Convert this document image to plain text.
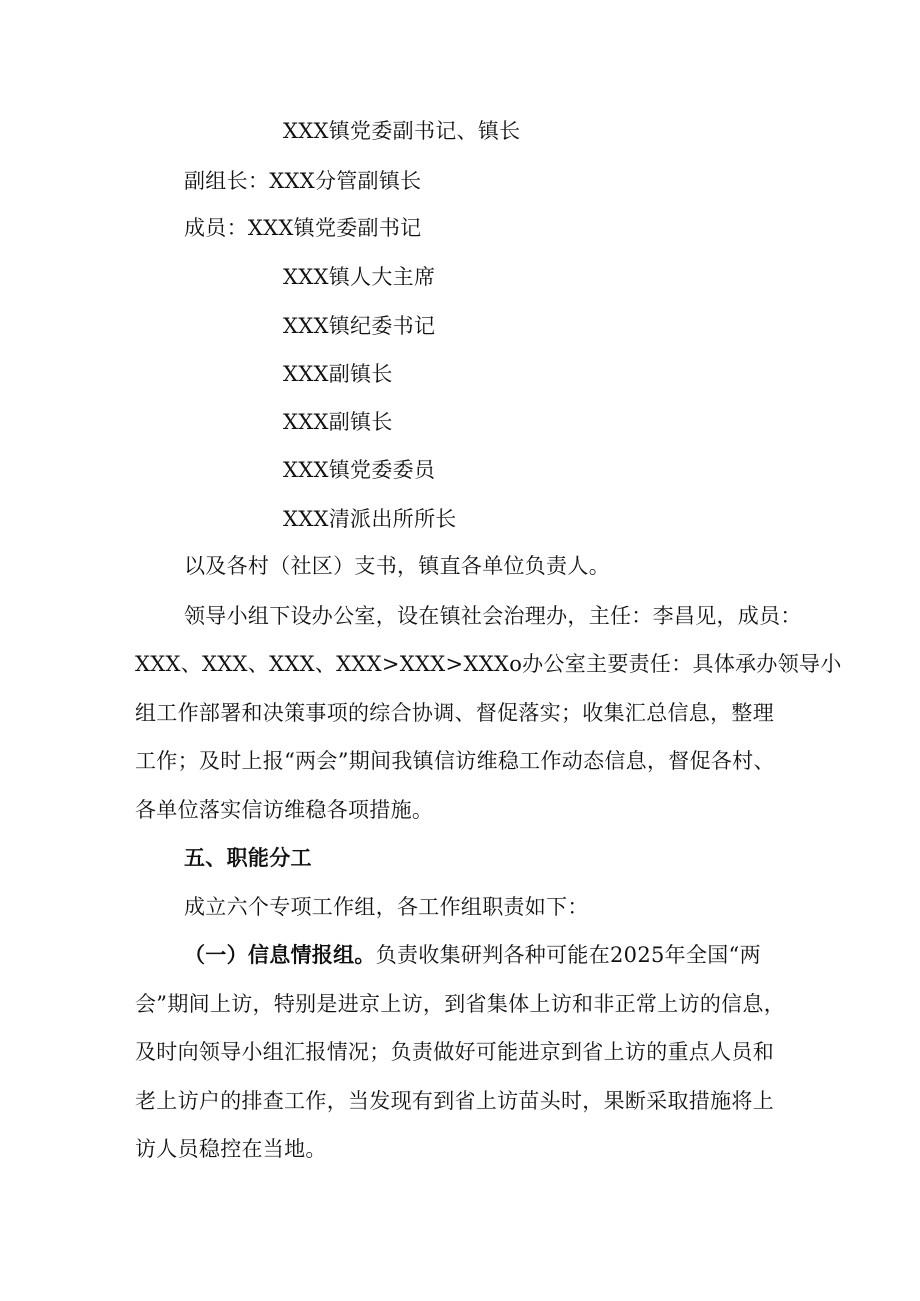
XXX镇党委副书记、镇长
副组长：XXX分管副镇长
成员：XXX镇党委副书记
XXX镇人大主席
XXX镇纪委书记
XXX副镇长
XXX副镇长
XXX镇党委委员
XXX清派出所所长
以及各村（社区）支书，镇直各单位负责人。
领导小组下设办公室，设在镇社会治理办，主任：李昌见，成员：
XXX、XXX、XXX、XXX>XXX>XXXo办公室主要责任：具体承办领导小
组工作部署和决策事项的综合协调、督促落实；收集汇总信息，整理
工作；及时上报“两会”期间我镇信访维稳工作动态信息，督促各村、
各单位落实信访维稳各项措施。
五、职能分工
成立六个专项工作组，各工作组职责如下：
（一）信息情报组。负责收集研判各种可能在2025年全国“两
会”期间上访，特别是进京上访，到省集体上访和非正常上访的信息，
及时向领导小组汇报情况；负责做好可能进京到省上访的重点人员和
老上访户的排查工作，当发现有到省上访苗头时，果断采取措施将上
访人员稳控在当地。
